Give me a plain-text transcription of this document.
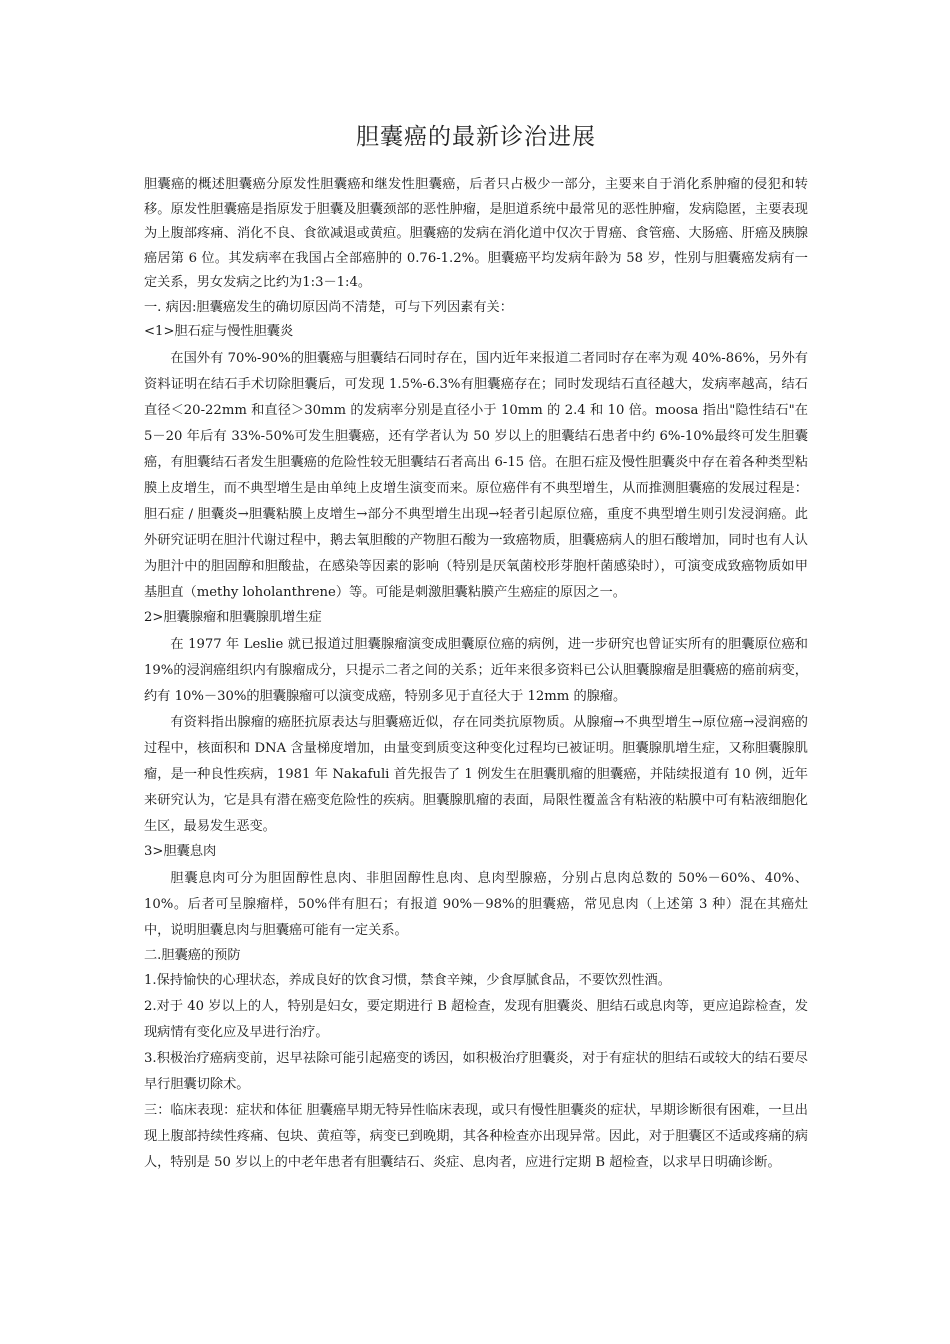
胆囊癌的最新诊治进展

胆囊癌的概述胆囊癌分原发性胆囊癌和继发性胆囊癌，后者只占极少一部分，主要来自于消化系肿瘤的侵犯和转移。原发性胆囊癌是指原发于胆囊及胆囊颈部的恶性肿瘤，是胆道系统中最常见的恶性肿瘤，发病隐匿，主要表现为上腹部疼痛、消化不良、食欲减退或黄疸。胆囊癌的发病在消化道中仅次于胃癌、食管癌、大肠癌、肝癌及胰腺癌居第 6 位。其发病率在我国占全部癌肿的 0.76-1.2%。胆囊癌平均发病年龄为 58 岁，性别与胆囊癌发病有一定关系，男女发病之比约为1:3－1:4。

一. 病因:胆囊癌发生的确切原因尚不清楚，可与下列因素有关：

<1>胆石症与慢性胆囊炎

在国外有 70%-90%的胆囊癌与胆囊结石同时存在，国内近年来报道二者同时存在率为观 40%-86%，另外有资料证明在结石手术切除胆囊后，可发现 1.5%-6.3%有胆囊癌存在；同时发现结石直径越大，发病率越高，结石直径＜20-22mm 和直径＞30mm 的发病率分别是直径小于 10mm 的 2.4 和 10 倍。moosa 指出"隐性结石"在 5－20 年后有 33%-50%可发生胆囊癌，还有学者认为 50 岁以上的胆囊结石患者中约 6%-10%最终可发生胆囊癌，有胆囊结石者发生胆囊癌的危险性较无胆囊结石者高出 6-15 倍。在胆石症及慢性胆囊炎中存在着各种类型粘膜上皮增生，而不典型增生是由单纯上皮增生演变而来。原位癌伴有不典型增生，从而推测胆囊癌的发展过程是：胆石症 / 胆囊炎→胆囊粘膜上皮增生→部分不典型增生出现→轻者引起原位癌，重度不典型增生则引发浸润癌。此外研究证明在胆汁代谢过程中，鹅去氧胆酸的产物胆石酸为一致癌物质，胆囊癌病人的胆石酸增加，同时也有人认为胆汁中的胆固醇和胆酸盐，在感染等因素的影响（特别是厌氧菌校形芽胞杆菌感染时），可演变成致癌物质如甲基胆直（methy loholanthrene）等。可能是刺激胆囊粘膜产生癌症的原因之一。

2>胆囊腺瘤和胆囊腺肌增生症

在 1977 年 Leslie 就已报道过胆囊腺瘤演变成胆囊原位癌的病例，进一步研究也曾证实所有的胆囊原位癌和 19%的浸润癌组织内有腺瘤成分，只提示二者之间的关系；近年来很多资料已公认胆囊腺瘤是胆囊癌的癌前病变，约有 10%－30%的胆囊腺瘤可以演变成癌，特别多见于直径大于 12mm 的腺瘤。

有资料指出腺瘤的癌胚抗原表达与胆囊癌近似，存在同类抗原物质。从腺瘤→不典型增生→原位癌→浸润癌的过程中，核面积和 DNA 含量梯度增加，由量变到质变这种变化过程均已被证明。胆囊腺肌增生症，又称胆囊腺肌瘤，是一种良性疾病，1981 年 Nakafuli 首先报告了 1 例发生在胆囊肌瘤的胆囊癌，并陆续报道有 10 例，近年来研究认为，它是具有潜在癌变危险性的疾病。胆囊腺肌瘤的表面，局限性覆盖含有粘液的粘膜中可有粘液细胞化生区，最易发生恶变。

3>胆囊息肉

胆囊息肉可分为胆固醇性息肉、非胆固醇性息肉、息肉型腺癌，分别占息肉总数的 50%－60%、40%、10%。后者可呈腺瘤样，50%伴有胆石；有报道 90%－98%的胆囊癌，常见息肉（上述第 3 种）混在其癌灶中，说明胆囊息肉与胆囊癌可能有一定关系。

二.胆囊癌的预防

1.保持愉快的心理状态，养成良好的饮食习惯，禁食辛辣，少食厚腻食品，不要饮烈性酒。

2.对于 40 岁以上的人，特别是妇女，要定期进行 B 超检查，发现有胆囊炎、胆结石或息肉等，更应追踪检查，发现病情有变化应及早进行治疗。

3.积极治疗癌病变前，迟早祛除可能引起癌变的诱因，如积极治疗胆囊炎，对于有症状的胆结石或较大的结石要尽早行胆囊切除术。

三：临床表现：症状和体征 胆囊癌早期无特异性临床表现，或只有慢性胆囊炎的症状，早期诊断很有困难，一旦出现上腹部持续性疼痛、包块、黄疸等，病变已到晚期，其各种检查亦出现异常。因此，对于胆囊区不适或疼痛的病人，特别是 50 岁以上的中老年患者有胆囊结石、炎症、息肉者，应进行定期 B 超检查，以求早日明确诊断。
